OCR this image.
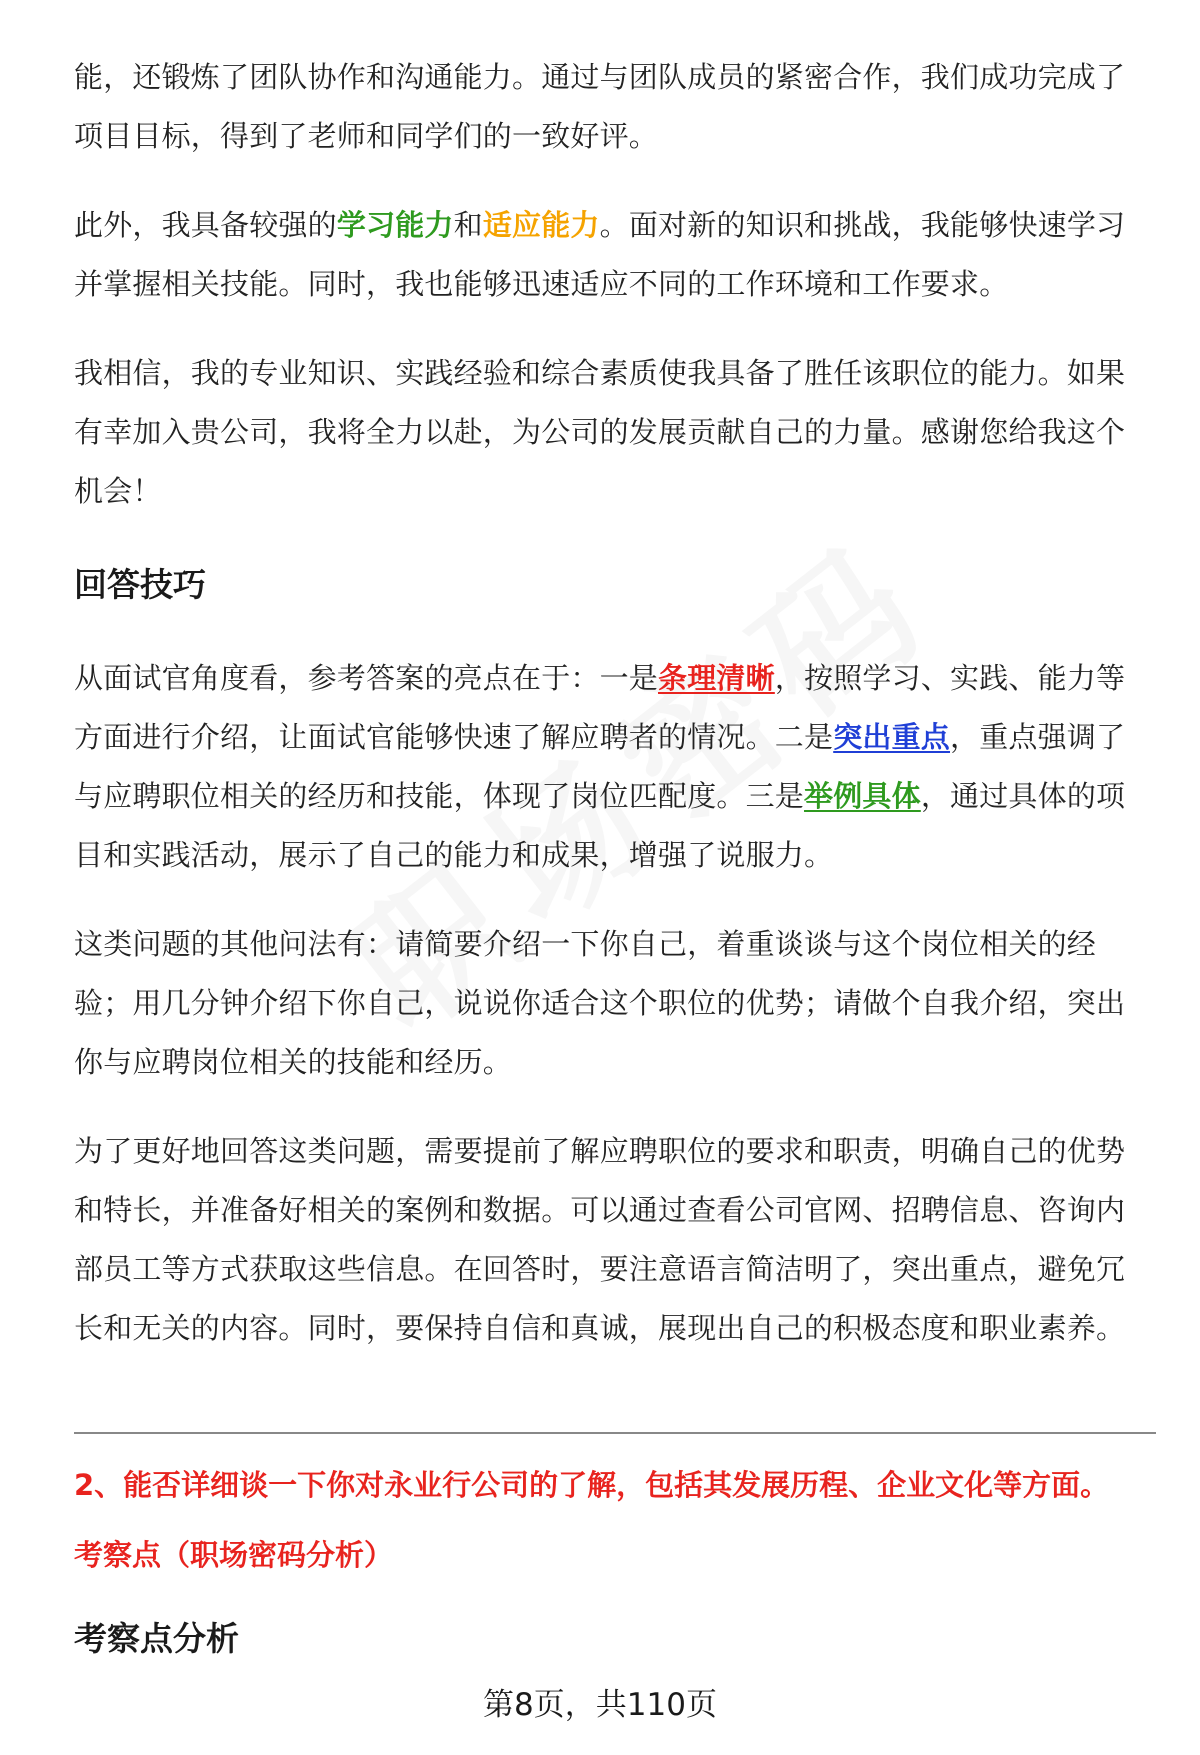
能，还锻炼了团队协作和沟通能力。通过与团队成员的紧密合作，我们成功完成了项目目标，得到了老师和同学们的一致好评。

此外，我具备较强的学习能力和适应能力。面对新的知识和挑战，我能够快速学习并掌握相关技能。同时，我也能够迅速适应不同的工作环境和工作要求。

我相信，我的专业知识、实践经验和综合素质使我具备了胜任该职位的能力。如果有幸加入贵公司，我将全力以赴，为公司的发展贡献自己的力量。感谢您给我这个机会！

回答技巧

从面试官角度看，参考答案的亮点在于：一是条理清晰，按照学习、实践、能力等方面进行介绍，让面试官能够快速了解应聘者的情况。二是突出重点，重点强调了与应聘职位相关的经历和技能，体现了岗位匹配度。三是举例具体，通过具体的项目和实践活动，展示了自己的能力和成果，增强了说服力。

这类问题的其他问法有：请简要介绍一下你自己，着重谈谈与这个岗位相关的经验；用几分钟介绍下你自己，说说你适合这个职位的优势；请做个自我介绍，突出你与应聘岗位相关的技能和经历。

为了更好地回答这类问题，需要提前了解应聘职位的要求和职责，明确自己的优势和特长，并准备好相关的案例和数据。可以通过查看公司官网、招聘信息、咨询内部员工等方式获取这些信息。在回答时，要注意语言简洁明了，突出重点，避免冗长和无关的内容。同时，要保持自信和真诚，展现出自己的积极态度和职业素养。

2、能否详细谈一下你对永业行公司的了解，包括其发展历程、企业文化等方面。
考察点（职场密码分析）
考察点分析
第8页，共110页
